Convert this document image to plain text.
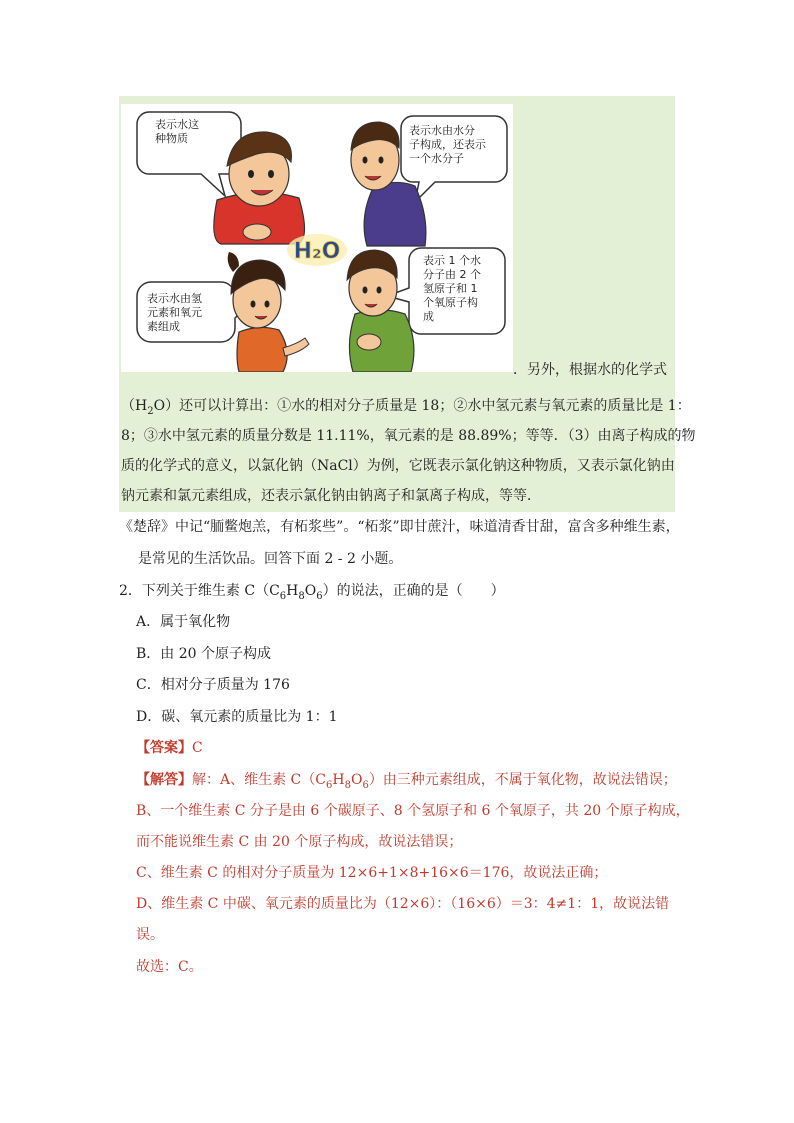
H₂O
表示水这
种物质
表示水由水分
子构成，还表示
一个水分子
表示水由氢
元素和氧元
素组成
表示 1 个水
分子由 2 个
氢原子和 1
个氧原子构
成
．另外，根据水的化学式
$(H_2O)$还可以计算出：①水的相对分子质量是 18；②水中氢元素与氧元素的质量比是 1：
8；③水中氢元素的质量分数是 11.11%，氧元素的是 88.89%；等等．（3）由离子构成的物
质的化学式的意义，以氯化钠（NaCl）为例，它既表示氯化钠这种物质，又表示氯化钠由
钠元素和氯元素组成，还表示氯化钠由钠离子和氯离子构成，等等．
《楚辞》中记“胹鳖炮羔，有柘浆些”。“柘浆”即甘蔗汁，味道清香甘甜，富含多种维生素，
是常见的生活饮品。回答下面 2 - 2 小题。
2．下列关于维生素 $C(C_6H_8O_6)$的说法，正确的是（　　）
A．属于氧化物
B．由 20 个原子构成
C．相对分子质量为 176
D．碳、氧元素的质量比为 1：1
【答案】C
【解答】解：A、维生素 $C(C_6H_8O_6)$由三种元素组成，不属于氧化物，故说法错误；
B、一个维生素 C 分子是由 6 个碳原子、8 个氢原子和 6 个氧原子，共 20 个原子构成，
而不能说维生素 C 由 20 个原子构成，故说法错误；
C、维生素 C 的相对分子质量为 12×6+1×8+16×6＝176，故说法正确；
D、维生素 C 中碳、氧元素的质量比为（12×6）：（16×6）＝3：4≠1：1，故说法错
误。
故选：C。
